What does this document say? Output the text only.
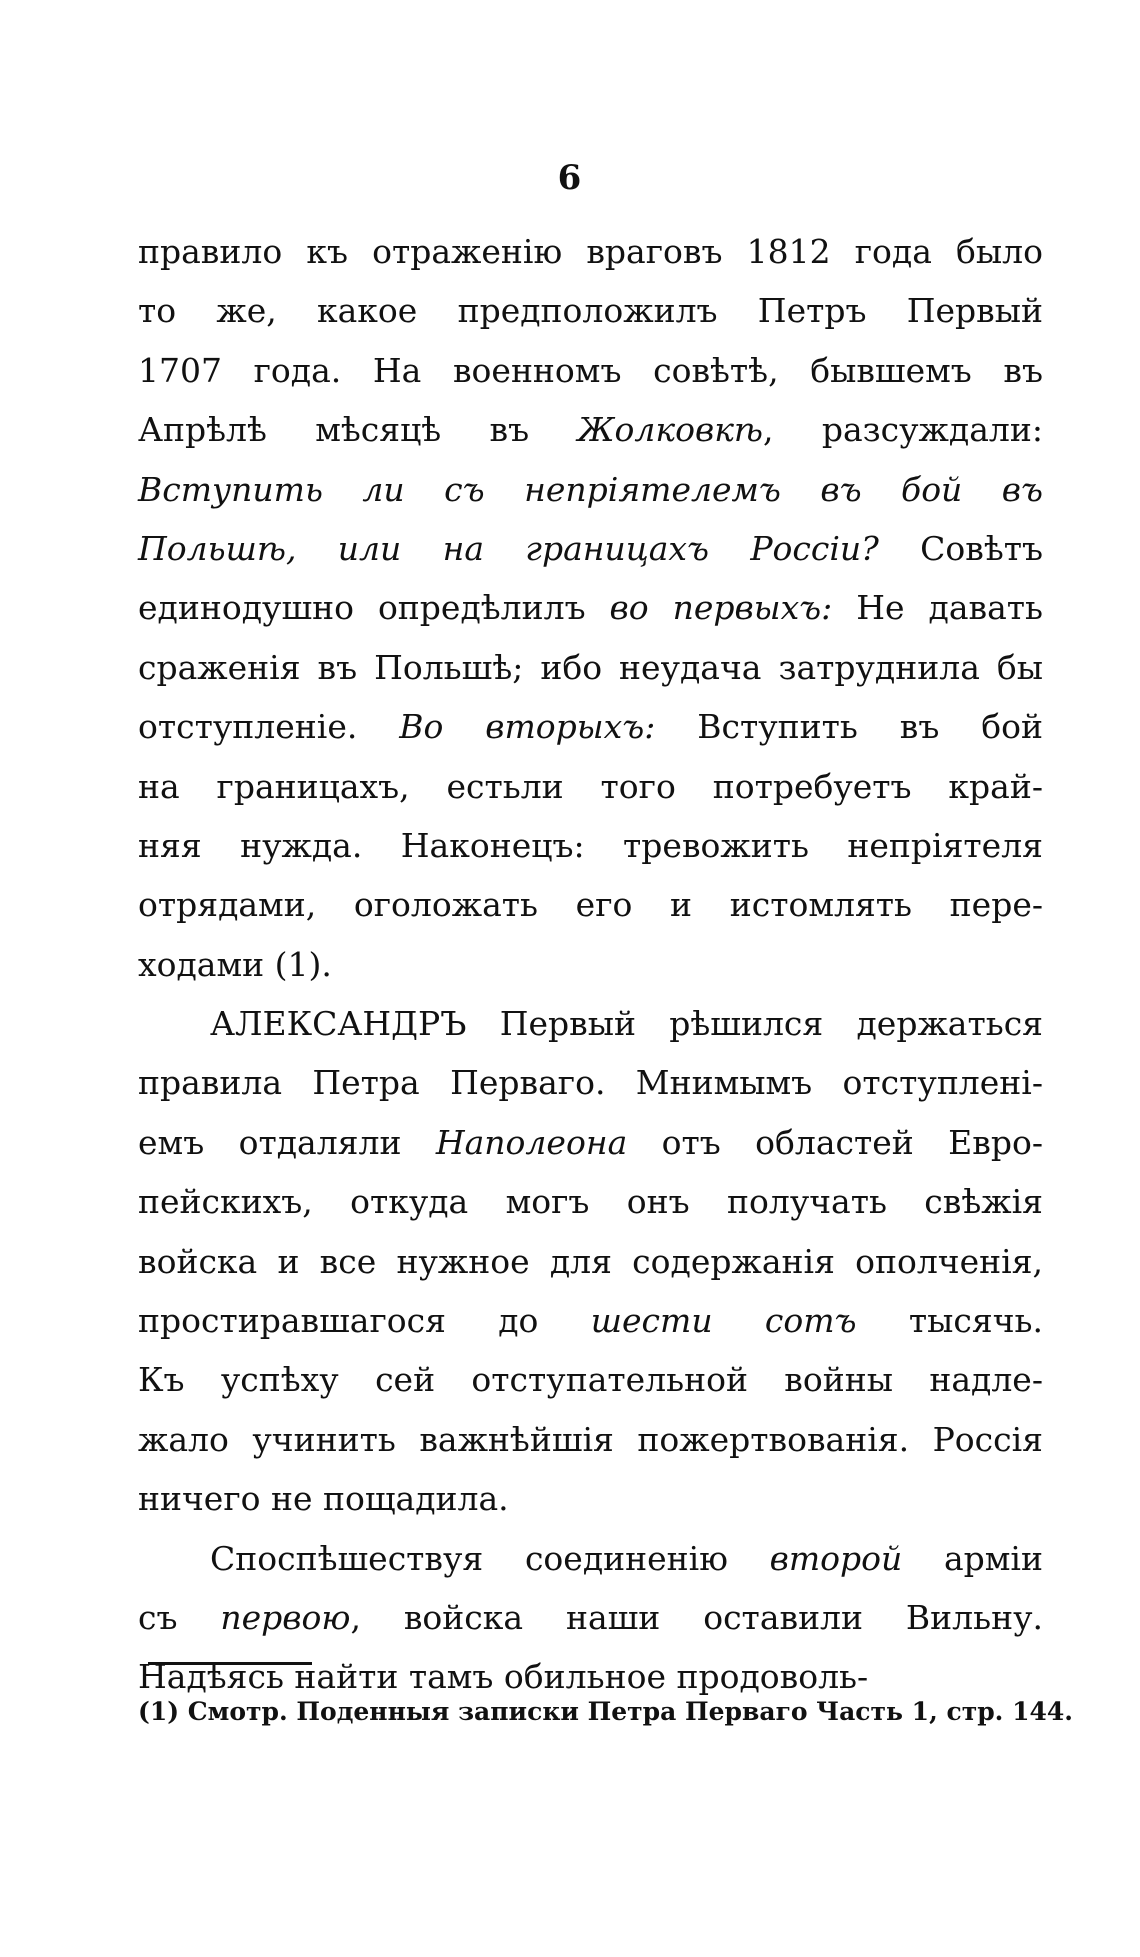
6
правило къ отраженію враговъ 1812 года было
то же, какое предположилъ Петръ Первый
1707 года. На военномъ совѣтѣ, бывшемъ въ
Апрѣлѣ мѣсяцѣ въ Жолковкѣ, разсуждали:
Вступить ли съ непріятелемъ въ бой въ
Польшѣ, или на границахъ Россіи? Совѣтъ
единодушно опредѣлилъ во первыхъ: Не давать
сраженія въ Польшѣ; ибо неудача затруднила бы
отступленіе. Во вторыхъ: Вступить въ бой
на границахъ, естьли того потребуетъ край-
няя нужда. Наконецъ: тревожить непріятеля
отрядами, оголожать его и истомлять пере-
ходами (1).
АЛЕКСАНДРЪ Первый рѣшился держаться
правила Петра Перваго. Мнимымъ отступлені-
емъ отдаляли Наполеона отъ областей Евро-
пейскихъ, откуда могъ онъ получать свѣжія
войска и все нужное для содержанія ополченія,
простиравшагося до шести сотъ тысячь.
Къ успѣху сей отступательной войны надле-
жало учинить важнѣйшія пожертвованія. Россія
ничего не пощадила.
Споспѣшествуя соединенію второй арміи
съ первою, войска наши оставили Вильну.
Надѣясь найти тамъ обильное продоволь-
(1) Смотр. Поденныя записки Петра Перваго Часть 1, стр. 144.
